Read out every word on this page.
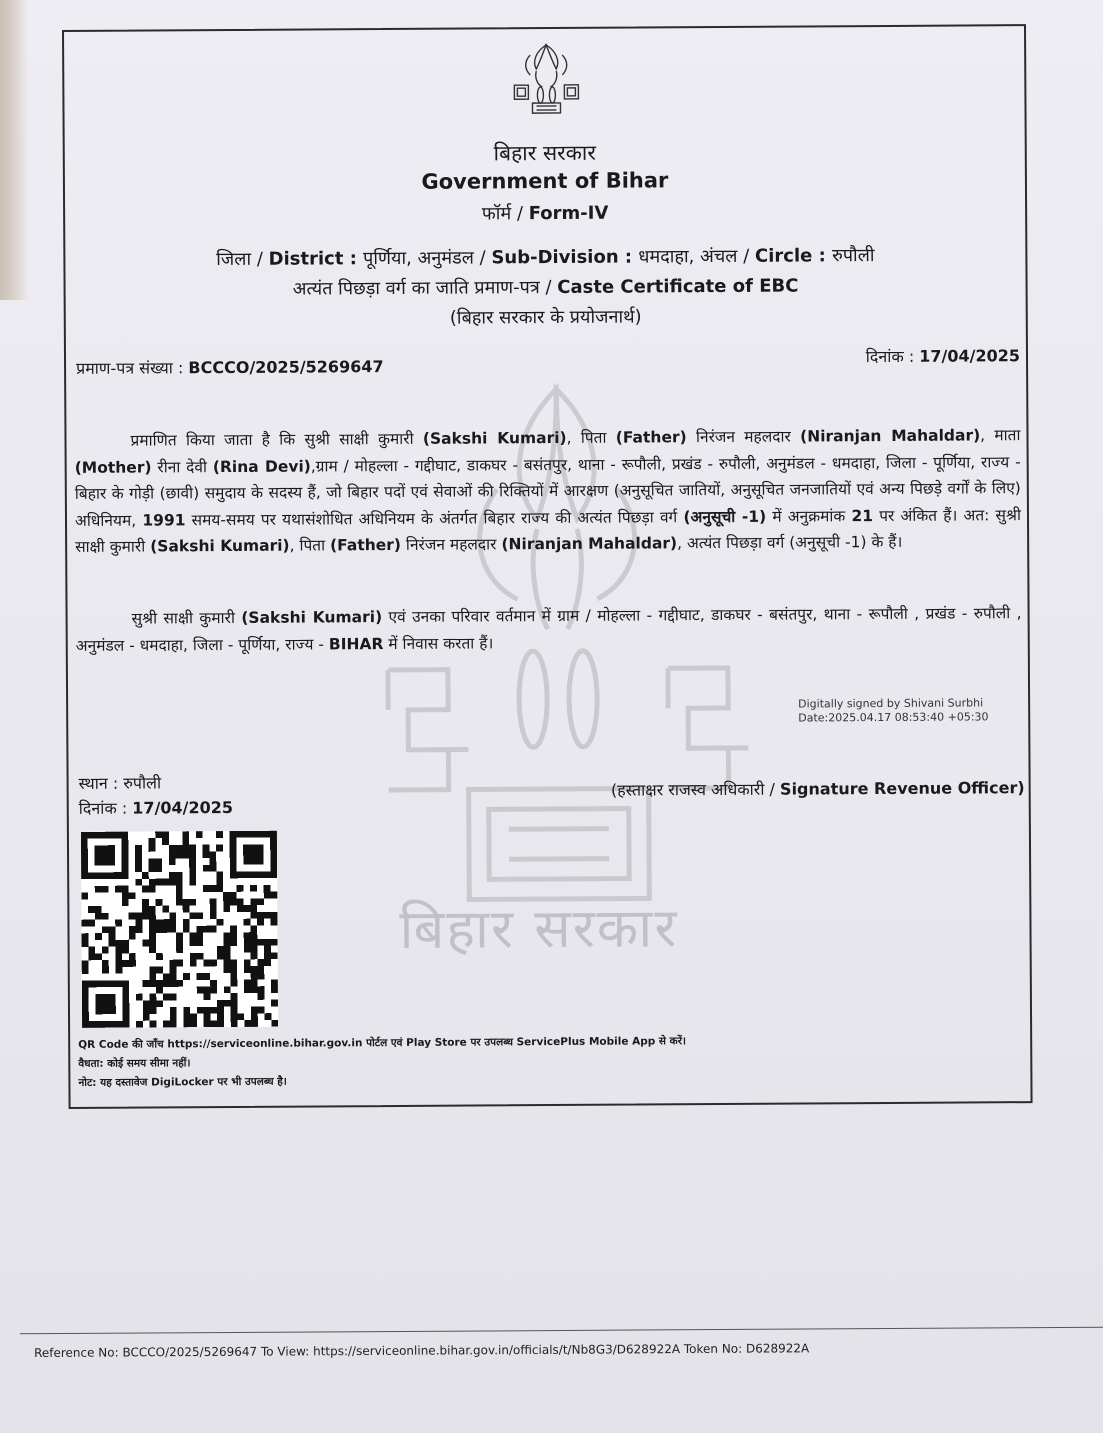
बिहार सरकार
Government of Bihar
फॉर्म / Form-IV
जिला / District : पूर्णिया, अनुमंडल / Sub-Division : धमदाहा, अंचल / Circle : रुपौली
अत्यंत पिछड़ा वर्ग का जाति प्रमाण-पत्र / Caste Certificate of EBC
(बिहार सरकार के प्रयोजनार्थ)
प्रमाण-पत्र संख्या : BCCCO/2025/5269647
दिनांक : 17/04/2025
बिहार सरकार
प्रमाणित किया जाता है कि सुश्री साक्षी कुमारी (Sakshi Kumari), पिता (Father) निरंजन महलदार (Niranjan Mahaldar), माता (Mother) रीना देवी (Rina Devi),ग्राम / मोहल्ला - गद्दीघाट, डाकघर - बसंतपुर, थाना - रूपौली, प्रखंड - रुपौली, अनुमंडल - धमदाहा, जिला - पूर्णिया, राज्य - बिहार के गोड़ी (छावी) समुदाय के सदस्य हैं, जो बिहार पदों एवं सेवाओं की रिक्तियों में आरक्षण (अनुसूचित जातियों, अनुसूचित जनजातियों एवं अन्य पिछड़े वर्गों के लिए) अधिनियम, 1991 समय-समय पर यथासंशोधित अधिनियम के अंतर्गत बिहार राज्य की अत्यंत पिछड़ा वर्ग (अनुसूची -1) में अनुक्रमांक 21 पर अंकित हैं। अत: सुश्री साक्षी कुमारी (Sakshi Kumari), पिता (Father) निरंजन महलदार (Niranjan Mahaldar), अत्यंत पिछड़ा वर्ग (अनुसूची -1) के हैं।
सुश्री साक्षी कुमारी (Sakshi Kumari) एवं उनका परिवार वर्तमान में ग्राम / मोहल्ला - गद्दीघाट, डाकघर - बसंतपुर, थाना - रूपौली , प्रखंड - रुपौली , अनुमंडल - धमदाहा, जिला - पूर्णिया, राज्य - BIHAR में निवास करता हैं।
Digitally signed by Shivani Surbhi
Date:2025.04.17 08:53:40 +05:30
स्थान : रुपौली
दिनांक : 17/04/2025
(हस्ताक्षर राजस्व अधिकारी / Signature Revenue Officer)
QR Code की जाँच https://serviceonline.bihar.gov.in पोर्टल एवं Play Store पर उपलब्ध ServicePlus Mobile App से करें।
वैधता: कोई समय सीमा नहीं।
नोट: यह दस्तावेज DigiLocker पर भी उपलब्ध है।
Reference No: BCCCO/2025/5269647 To View: https://serviceonline.bihar.gov.in/officials/t/Nb8G3/D628922A Token No: D628922A
